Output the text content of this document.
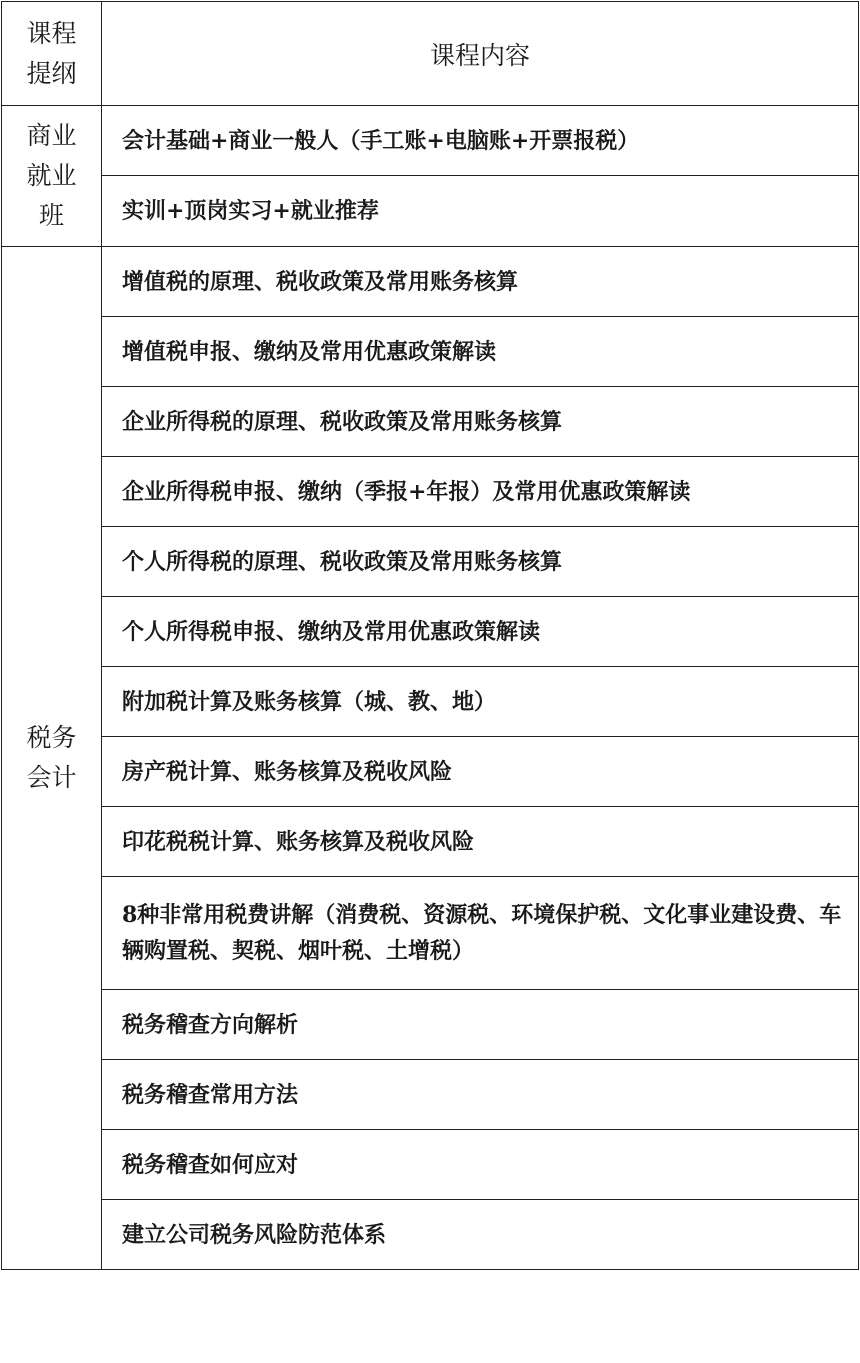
课程提纲	课程内容
商业就业班	会计基础+商业一般人（手工账+电脑账+开票报税）
	实训+顶岗实习+就业推荐
税务会计	增值税的原理、税收政策及常用账务核算
	增值税申报、缴纳及常用优惠政策解读
	企业所得税的原理、税收政策及常用账务核算
	企业所得税申报、缴纳（季报+年报）及常用优惠政策解读
	个人所得税的原理、税收政策及常用账务核算
	个人所得税申报、缴纳及常用优惠政策解读
	附加税计算及账务核算（城、教、地）
	房产税计算、账务核算及税收风险
	印花税税计算、账务核算及税收风险
	8种非常用税费讲解（消费税、资源税、环境保护税、文化事业建设费、车辆购置税、契税、烟叶税、土增税）
	税务稽查方向解析
	税务稽查常用方法
	税务稽查如何应对
	建立公司税务风险防范体系
